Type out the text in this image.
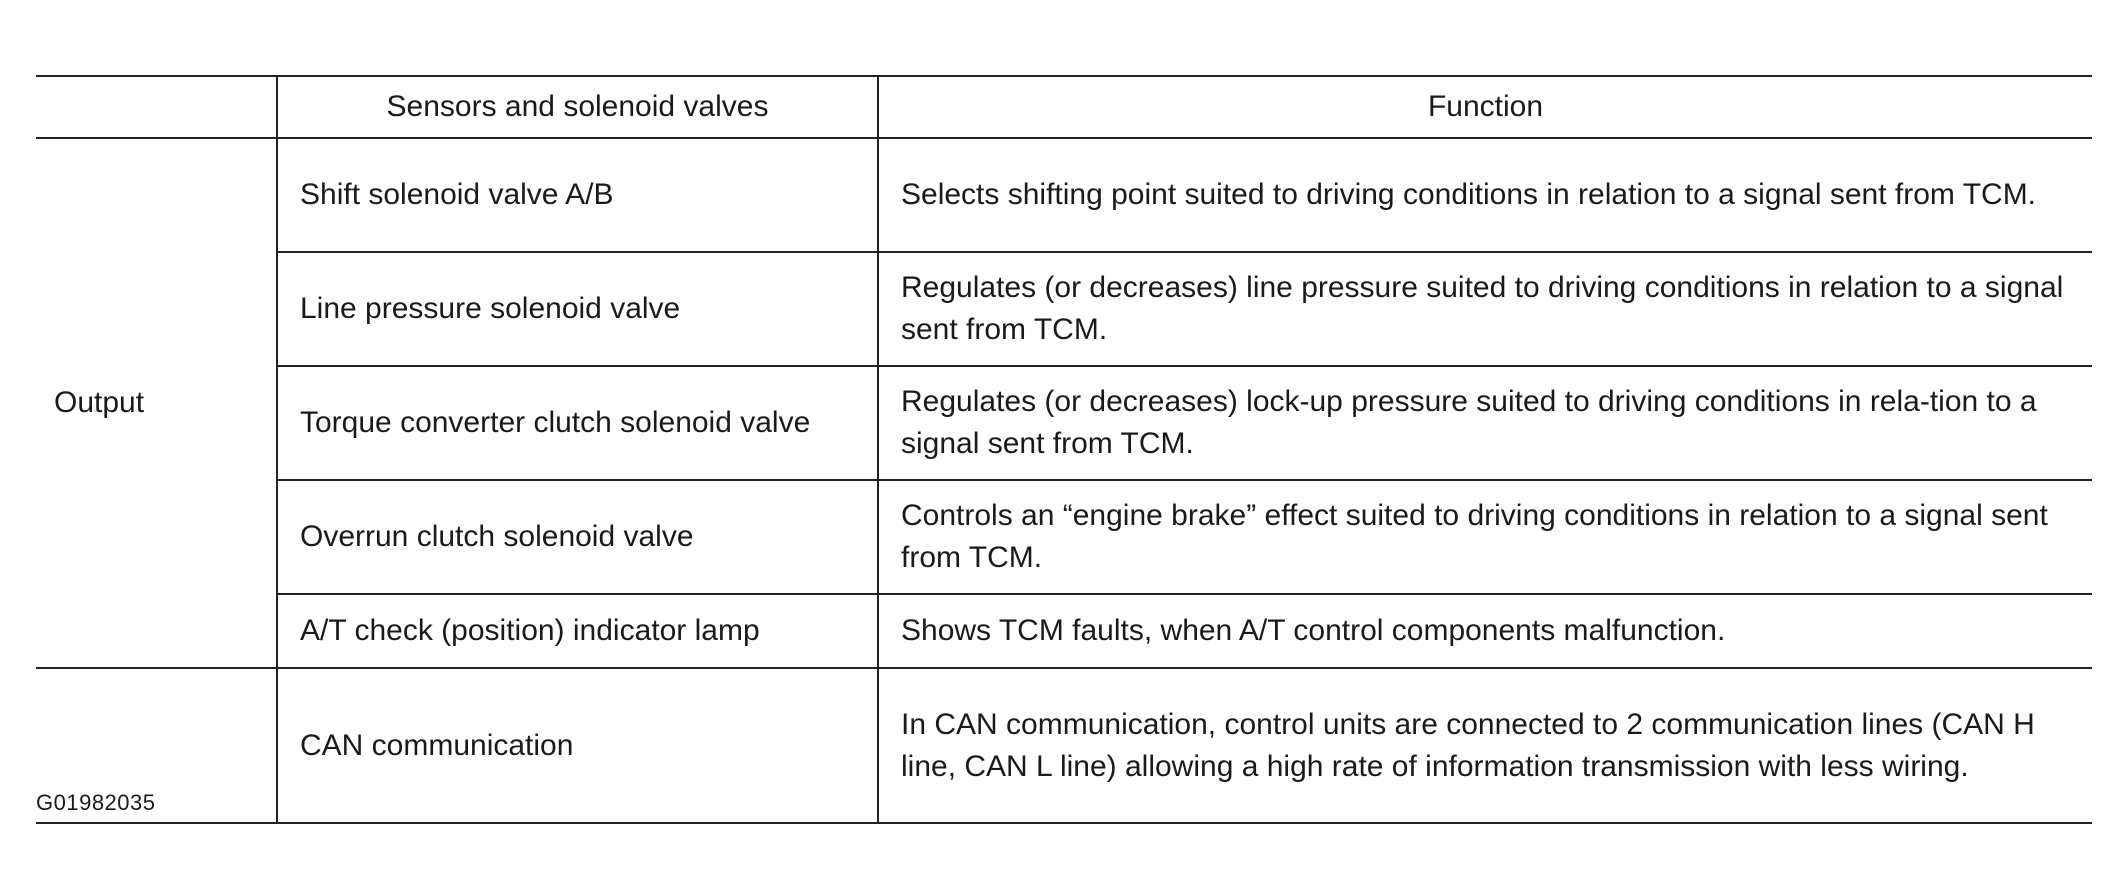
	Sensors and solenoid valves	Function
Output	Shift solenoid valve A/B	Selects shifting point suited to driving conditions in relation to a signal sent from TCM.
	Line pressure solenoid valve	Regulates (or decreases) line pressure suited to driving conditions in relation to a signal sent from TCM.
	Torque converter clutch solenoid valve	Regulates (or decreases) lock-up pressure suited to driving conditions in rela-tion to a signal sent from TCM.
	Overrun clutch solenoid valve	Controls an “engine brake” effect suited to driving conditions in relation to a signal sent from TCM.
	A/T check (position) indicator lamp	Shows TCM faults, when A/T control components malfunction.
	CAN communication	In CAN communication, control units are connected to 2 communication lines (CAN H line, CAN L line) allowing a high rate of information transmission with less wiring.
G01982035
